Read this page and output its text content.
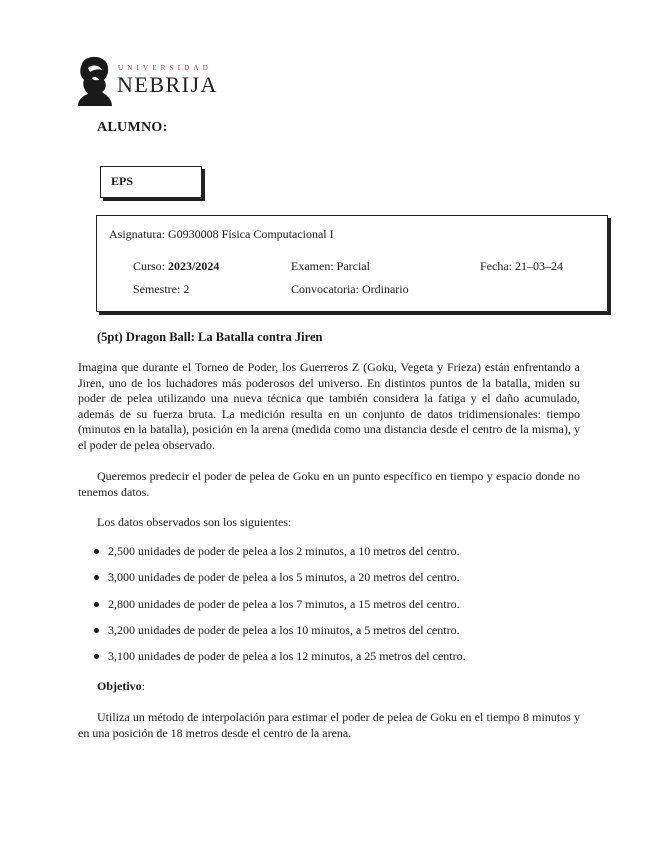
UNIVERSIDAD
NEBRIJA
ALUMNO:
EPS
Asignatura: G0930008 Física Computacional I
Curso: 2023/2024	Examen: Parcial	Fecha: 21–03–24
Semestre: 2	Convocatoria: Ordinario
(5pt) Dragon Ball: La Batalla contra Jiren
Imagina que durante el Torneo de Poder, los Guerreros Z (Goku, Vegeta y Frieza) están enfrentando a Jiren, uno de los luchadores más poderosos del universo. En distintos puntos de la batalla, miden su poder de pelea utilizando una nueva técnica que también considera la fatiga y el daño acumulado, además de su fuerza bruta. La medición resulta en un conjunto de datos tridimensionales: tiempo (minutos en la batalla), posición en la arena (medida como una distancia desde el centro de la misma), y el poder de pelea observado.
Queremos predecir el poder de pelea de Goku en un punto específico en tiempo y espacio donde no tenemos datos.
Los datos observados son los siguientes:
2,500 unidades de poder de pelea a los 2 minutos, a 10 metros del centro.
3,000 unidades de poder de pelea a los 5 minutos, a 20 metros del centro.
2,800 unidades de poder de pelea a los 7 minutos, a 15 metros del centro.
3,200 unidades de poder de pelea a los 10 minutos, a 5 metros del centro.
3,100 unidades de poder de pelea a los 12 minutos, a 25 metros del centro.
Objetivo:
Utiliza un método de interpolación para estimar el poder de pelea de Goku en el tiempo 8 minutos y en una posición de 18 metros desde el centro de la arena.
